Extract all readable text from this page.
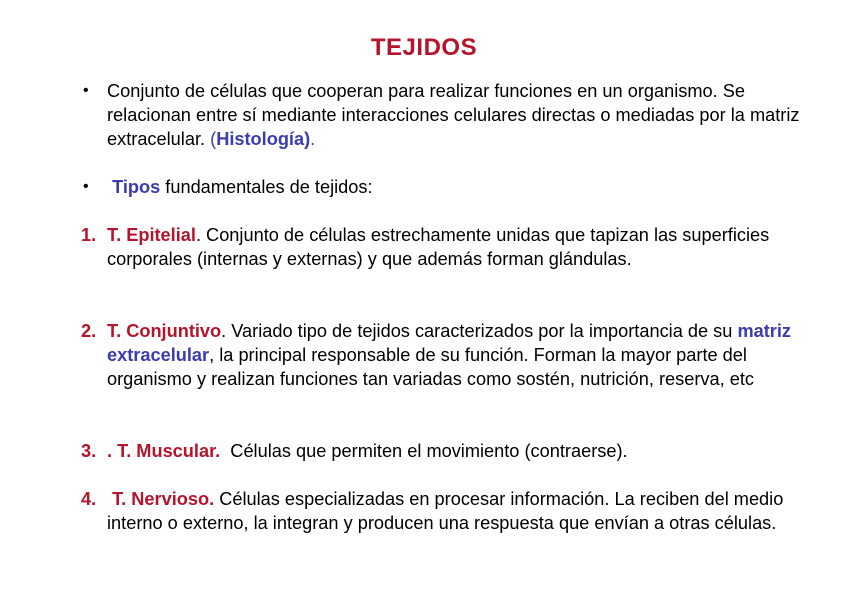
TEJIDOS
•	Conjunto de células que cooperan para realizar funciones en un organismo. Se relacionan entre sí mediante interacciones celulares directas o mediadas por la matriz extracelular. (Histología).
•	Tipos fundamentales de tejidos:
1. T. Epitelial. Conjunto de células estrechamente unidas que tapizan las superficies corporales (internas y externas) y que además forman glándulas.
2. T. Conjuntivo. Variado tipo de tejidos caracterizados por la importancia de su matriz extracelular, la principal responsable de su función. Forman la mayor parte del organismo y realizan funciones tan variadas como sostén, nutrición, reserva, etc
3. . T. Muscular.  Células que permiten el movimiento (contraerse).
4. T. Nervioso. Células especializadas en procesar información. La reciben del medio interno o externo, la integran y producen una respuesta que envían a otras células.
